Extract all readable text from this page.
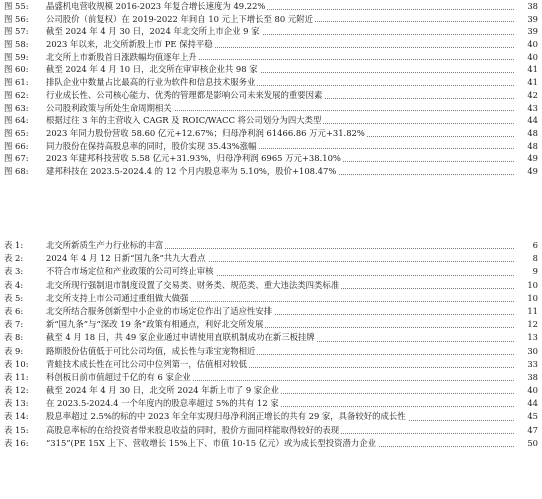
图 55: 晶盛机电营收规模 2016-2023 年复合增长速度为 49.22%	38
图 56: 公司股价（前复权）在 2019-2022 年间自 10 元上下增长至 80 元附近	39
图 57: 截至 2024 年 4 月 30 日，2024 年北交所上市企业 9 家	39
图 58: 2023 年以来，北交所新股上市 PE 保持平稳	40
图 59: 北交所上市新股首日涨跌幅均值逐年上升	40
图 60: 截至 2024 年 4 月 10 日，北交所在审审核企业共 98 家	41
图 61: 排队企业中数量占比最高的行业为软件和信息技术服务业	41
图 62: 行业成长性、公司核心能力、优秀的管理都是影响公司未来发展的重要因素	42
图 63: 公司股利政策与所处生命周期相关	43
图 64: 根据过往 3 年的主营收入 CAGR 及 ROIC/WACC 将公司划分为四大类型	44
图 65: 2023 年同力股份营收 58.60 亿元+12.67%；归母净利润 61466.86 万元+31.82%	48
图 66: 同力股份在保持高股息率的同时，股价实现 35.43%涨幅	48
图 67: 2023 年建邦科技营收 5.58 亿元+31.93%，归母净利润 6965 万元+38.10%	49
图 68: 建邦科技在 2023.5-2024.4 的 12 个月内股息率为 5.10%，股价+108.47%	49
表 1:	北交所新质生产力行业标的丰富	6
表 2:	2024 年 4 月 12 日新“国九条”共九大看点	8
表 3:	不符合市场定位和产业政策的公司可终止审核	9
表 4:	北交所现行强制退市制度设置了交易类、财务类、规范类、重大违法类四类标准	10
表 5:	北交所支持上市公司通过重组做大做强	10
表 6:	北交所结合服务创新型中小企业的市场定位作出了适应性安排	11
表 7:	新“国九条”与“深改 19 条”政策有相通点，利好北交所发展	12
表 8:	截至 4 月 18 日，共 49 家企业通过申请使用直联机制成功在新三板挂牌	13
表 9:	路斯股份估值低于可比公司均值，成长性与乖宝宠物相近	30
表 10: 青蛙技术成长性在可比公司中位列第一，估值相对较低	33
表 11: 科创板日前市值超过千亿的有 6 家企业	38
表 12: 截至 2024 年 4 月 30 日，北交所 2024 年新上市了 9 家企业	40
表 13: 在 2023.5-2024.4 一个年度内的股息率超过 5%的共有 12 家	44
表 14: 股息率超过 2.5%的标的中 2023 年全年实现归母净利润正增长的共有 29 家，具备较好的成长性	45
表 15: 高股息率标的在给投资者带来股息收益的同时，股价方面同样能取得较好的表现	47
表 16: “315”(PE 15X 上下、营收增长 15%上下、市值 10-15 亿元）或为成长型投资潜力企业	50
